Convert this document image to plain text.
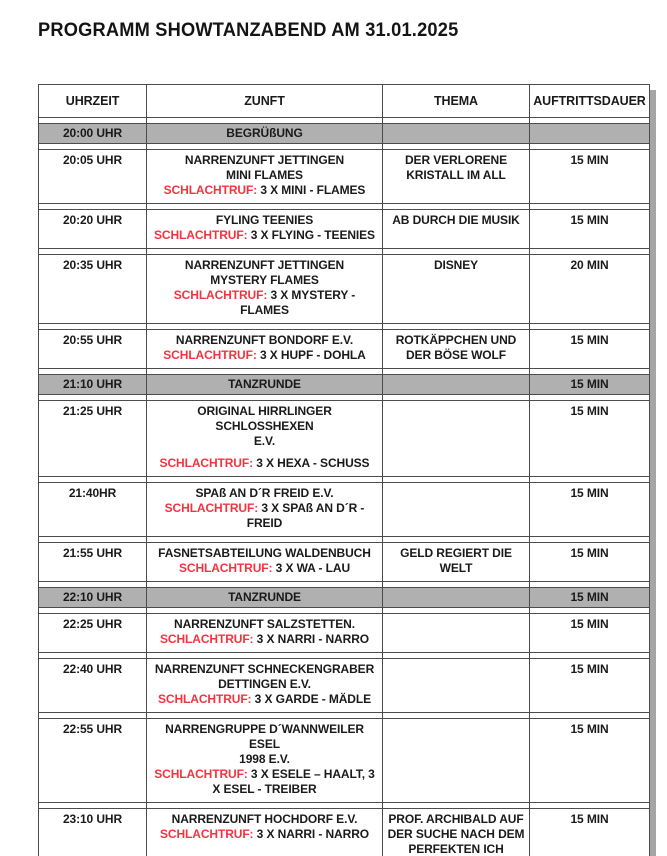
PROGRAMM SHOWTANZABEND AM 31.01.2025
UHRZEIT	ZUNFT	THEMA	AUFTRITTSDAUER

20:00 UHR	BEGRÜßUNG		

20:05 UHR	NARRENZUNFT JETTINGEN
MINI FLAMES
SCHLACHTRUF: 3 X MINI - FLAMES	DER VERLORENE KRISTALL IM ALL	15 MIN

20:20 UHR	FYLING TEENIES
SCHLACHTRUF: 3 X FLYING - TEENIES	AB DURCH DIE MUSIK	15 MIN

20:35 UHR	NARRENZUNFT JETTINGEN
MYSTERY FLAMES
SCHLACHTRUF: 3 X MYSTERY - FLAMES	DISNEY	20 MIN

20:55 UHR	NARRENZUNFT BONDORF E.V.
SCHLACHTRUF: 3 X HUPF - DOHLA	ROTKÄPPCHEN UND DER BÖSE WOLF	15 MIN

21:10 UHR	TANZRUNDE		15 MIN

21:25 UHR	ORIGINAL HIRRLINGER SCHLOSSHEXEN
E.V.
SCHLACHTRUF: 3 X HEXA - SCHUSS		15 MIN

21:40HR	SPAß AN D´R FREID E.V.
SCHLACHTRUF: 3 X SPAß AN D´R - FREID		15 MIN

21:55 UHR	FASNETSABTEILUNG WALDENBUCH
SCHLACHTRUF: 3 X WA - LAU	GELD REGIERT DIE WELT	15 MIN

22:10 UHR	TANZRUNDE		15 MIN

22:25 UHR	NARRENZUNFT SALZSTETTEN.
SCHLACHTRUF: 3 X NARRI - NARRO		15 MIN

22:40 UHR	NARRENZUNFT SCHNECKENGRABER
DETTINGEN E.V.
SCHLACHTRUF: 3 X GARDE - MÄDLE		15 MIN

22:55 UHR	NARRENGRUPPE D´WANNWEILER ESEL
1998 E.V.
SCHLACHTRUF: 3 X ESELE – HAALT, 3 X ESEL - TREIBER		15 MIN

23:10 UHR	NARRENZUNFT HOCHDORF E.V.
SCHLACHTRUF: 3 X NARRI - NARRO	PROF. ARCHIBALD AUF DER SUCHE NACH DEM PERFEKTEN ICH	15 MIN
